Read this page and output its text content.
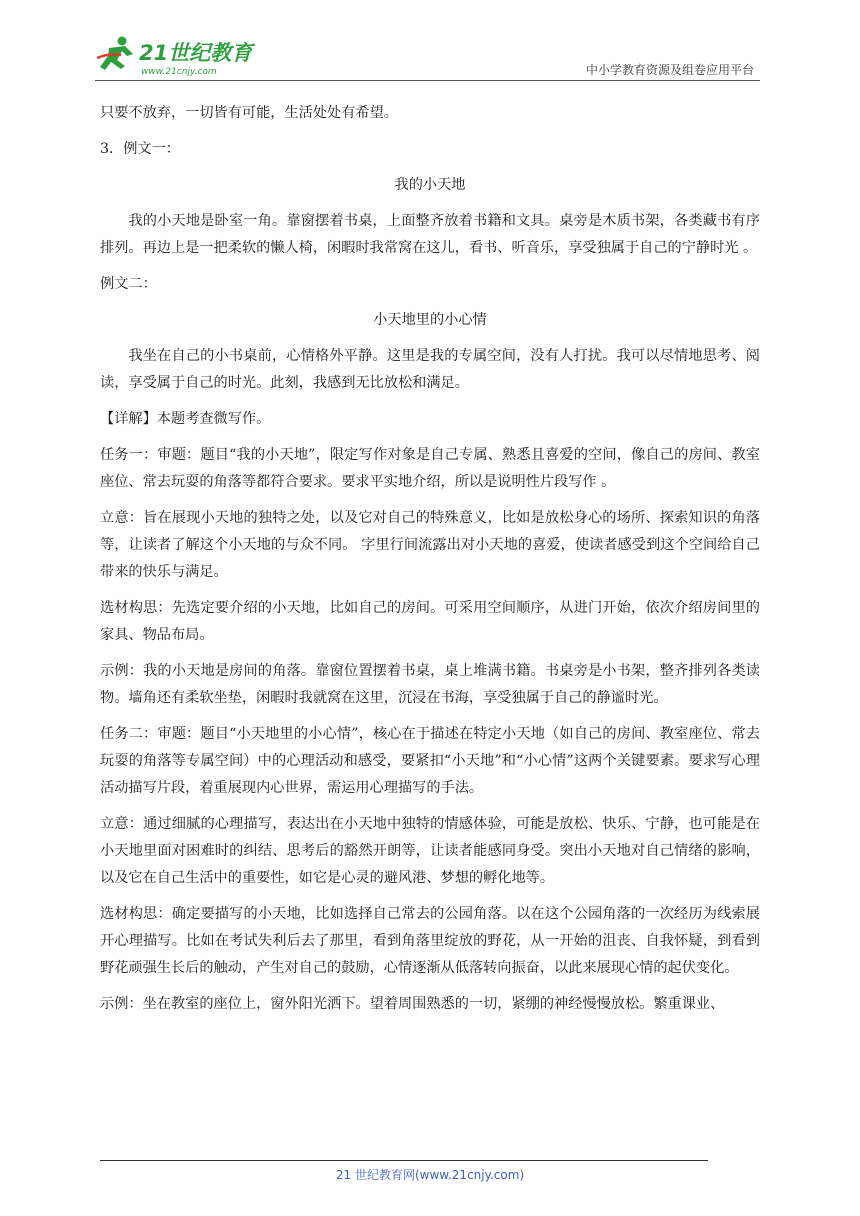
21世纪教育
www.21cnjy.com	中小学教育资源及组卷应用平台

只要不放弃，一切皆有可能，生活处处有希望。

3．例文一：

我的小天地

我的小天地是卧室一角。靠窗摆着书桌，上面整齐放着书籍和文具。桌旁是木质书架，各类藏书有序排列。再边上是一把柔软的懒人椅，闲暇时我常窝在这儿，看书、听音乐，享受独属于自己的宁静时光 。

例文二：

小天地里的小心情

我坐在自己的小书桌前，心情格外平静。这里是我的专属空间，没有人打扰。我可以尽情地思考、阅读，享受属于自己的时光。此刻，我感到无比放松和满足。

【详解】本题考查微写作。

任务一：审题：题目“我的小天地”，限定写作对象是自己专属、熟悉且喜爱的空间，像自己的房间、教室座位、常去玩耍的角落等都符合要求。要求平实地介绍，所以是说明性片段写作 。

立意：旨在展现小天地的独特之处，以及它对自己的特殊意义，比如是放松身心的场所、探索知识的角落等，让读者了解这个小天地的与众不同。 字里行间流露出对小天地的喜爱，使读者感受到这个空间给自己带来的快乐与满足。

选材构思：先选定要介绍的小天地，比如自己的房间。可采用空间顺序，从进门开始，依次介绍房间里的家具、物品布局。

示例：我的小天地是房间的角落。靠窗位置摆着书桌，桌上堆满书籍。书桌旁是小书架，整齐排列各类读物。墙角还有柔软坐垫，闲暇时我就窝在这里，沉浸在书海，享受独属于自己的静谧时光。

任务二：审题：题目“小天地里的小心情”，核心在于描述在特定小天地（如自己的房间、教室座位、常去玩耍的角落等专属空间）中的心理活动和感受，要紧扣“小天地”和“小心情”这两个关键要素。要求写心理活动描写片段，着重展现内心世界，需运用心理描写的手法。

立意：通过细腻的心理描写，表达出在小天地中独特的情感体验，可能是放松、快乐、宁静，也可能是在小天地里面对困难时的纠结、思考后的豁然开朗等，让读者能感同身受。突出小天地对自己情绪的影响，以及它在自己生活中的重要性，如它是心灵的避风港、梦想的孵化地等。

选材构思：确定要描写的小天地，比如选择自己常去的公园角落。以在这个公园角落的一次经历为线索展开心理描写。比如在考试失利后去了那里，看到角落里绽放的野花，从一开始的沮丧、自我怀疑，到看到野花顽强生长后的触动，产生对自己的鼓励，心情逐渐从低落转向振奋，以此来展现心情的起伏变化。

示例：坐在教室的座位上，窗外阳光洒下。望着周围熟悉的一切，紧绷的神经慢慢放松。繁重课业、

21 世纪教育网(www.21cnjy.com)
